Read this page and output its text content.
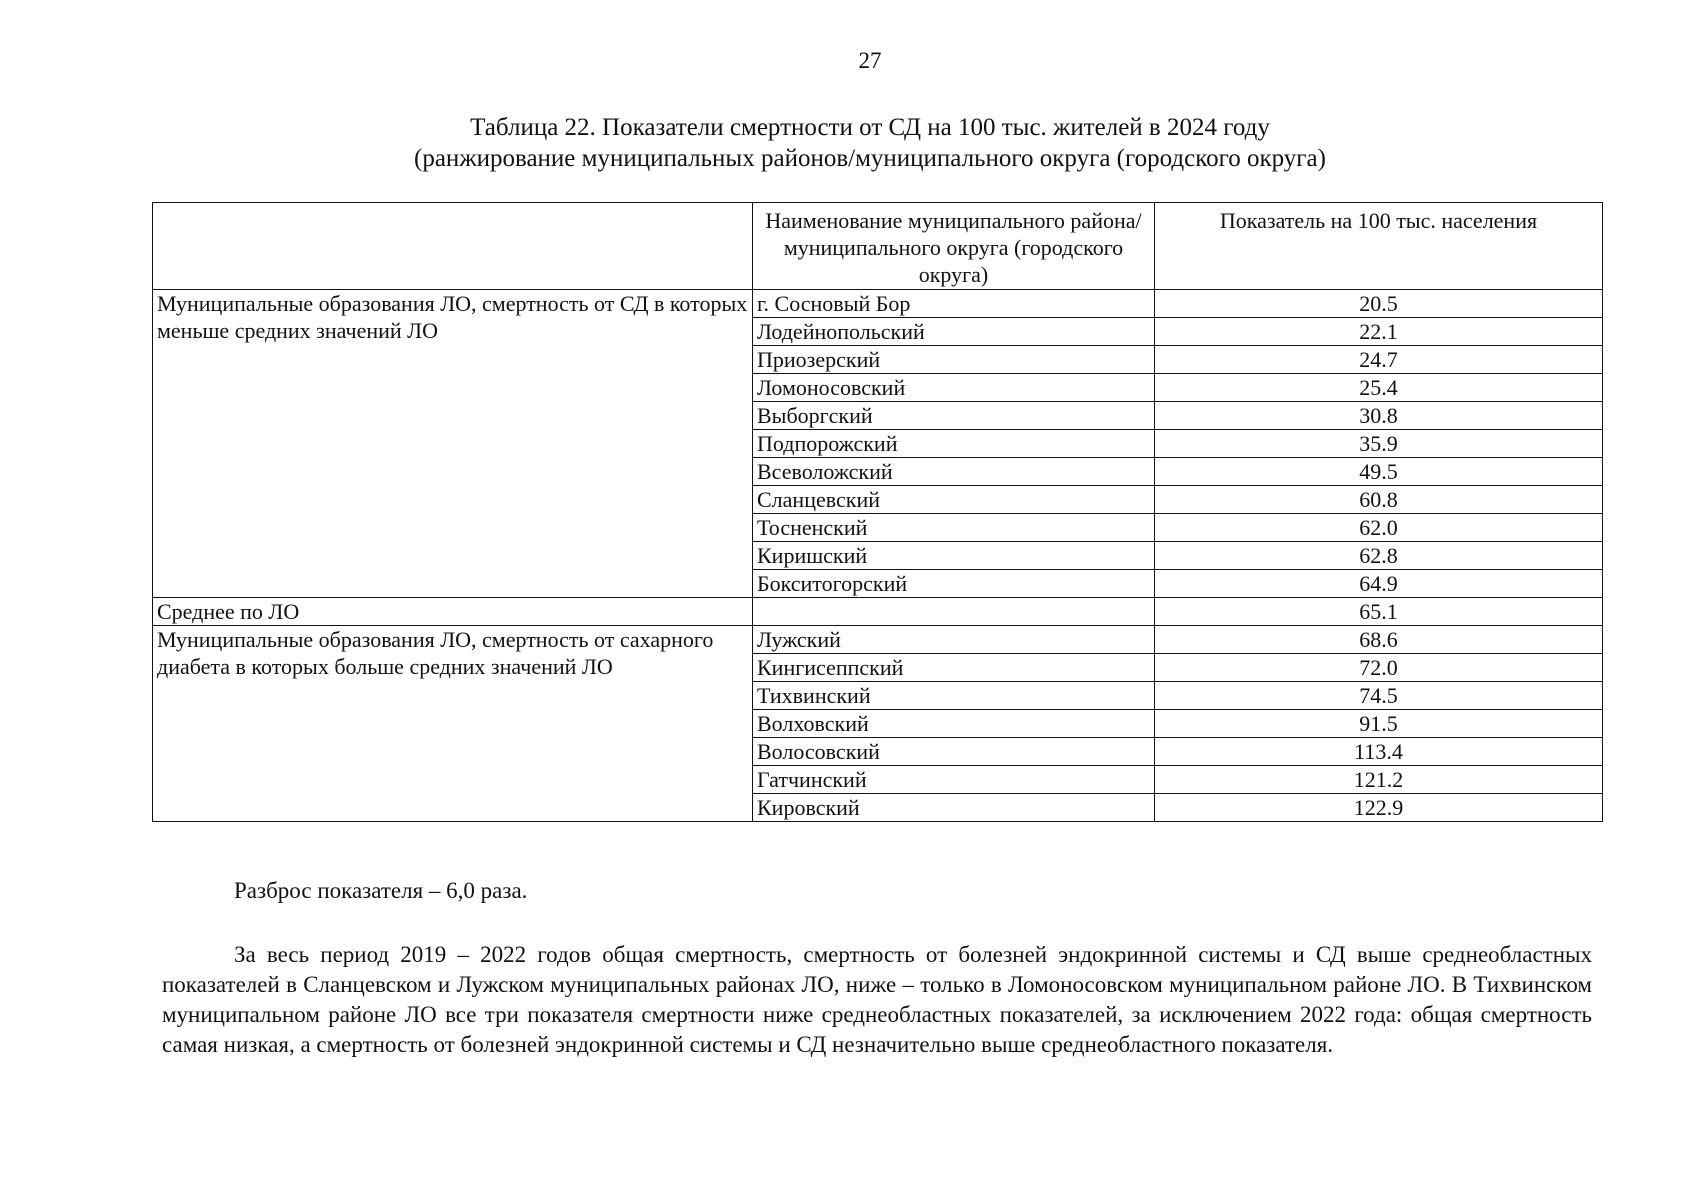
27
Таблица 22. Показатели смертности от СД на 100 тыс. жителей в 2024 году
(ранжирование муниципальных районов/муниципального округа (городского округа)
	Наименование муниципального района/муниципального округа (городского округа)	Показатель на 100 тыс. населения
Муниципальные образования ЛО, смертность от СД в которых меньше средних значений ЛО	г. Сосновый Бор	20.5
	Лодейнопольский	22.1
	Приозерский	24.7
	Ломоносовский	25.4
	Выборгский	30.8
	Подпорожский	35.9
	Всеволожский	49.5
	Сланцевский	60.8
	Тосненский	62.0
	Киришский	62.8
	Бокситогорский	64.9
Среднее по ЛО		65.1
Муниципальные образования ЛО, смертность от сахарного диабета в которых больше средних значений ЛО	Лужский	68.6
	Кингисеппский	72.0
	Тихвинский	74.5
	Волховский	91.5
	Волосовский	113.4
	Гатчинский	121.2
	Кировский	122.9
Разброс показателя – 6,0 раза.
За весь период 2019 – 2022 годов общая смертность, смертность от болезней эндокринной системы и СД выше среднеобластных показателей в Сланцевском и Лужском муниципальных районах ЛО, ниже – только в Ломоносовском муниципальном районе ЛО. В Тихвинском муниципальном районе ЛО все три показателя смертности ниже среднеобластных показателей, за исключением 2022 года: общая смертность самая низкая, а смертность от болезней эндокринной системы и СД незначительно выше среднеобластного показателя.
